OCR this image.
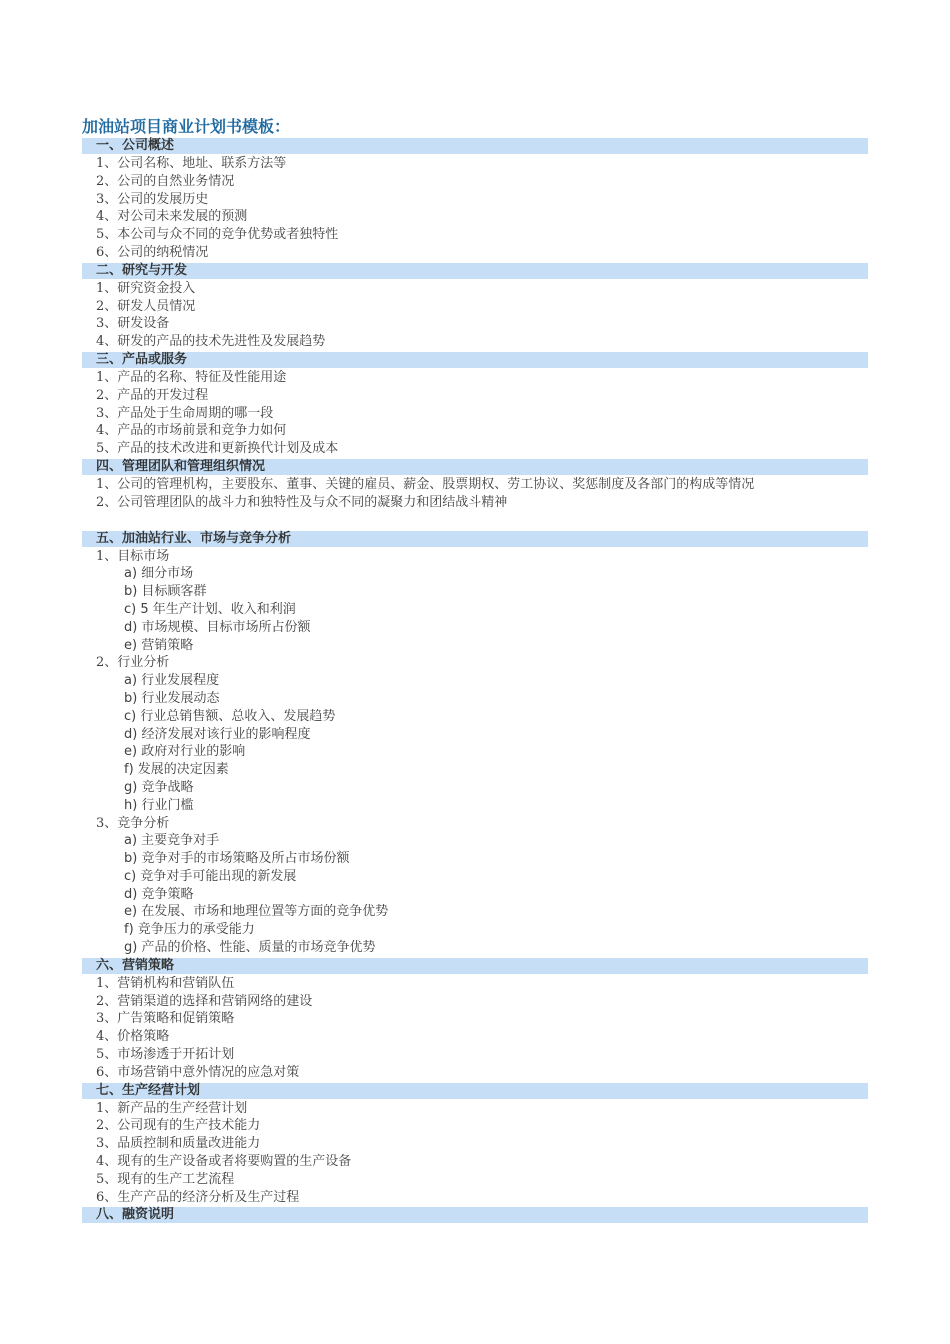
加油站项目商业计划书模板：
一、公司概述
1、公司名称、地址、联系方法等
2、公司的自然业务情况
3、公司的发展历史
4、对公司未来发展的预测
5、本公司与众不同的竞争优势或者独特性
6、公司的纳税情况
二、研究与开发
1、研究资金投入
2、研发人员情况
3、研发设备
4、研发的产品的技术先进性及发展趋势
三、产品或服务
1、产品的名称、特征及性能用途
2、产品的开发过程
3、产品处于生命周期的哪一段
4、产品的市场前景和竞争力如何
5、产品的技术改进和更新换代计划及成本
四、管理团队和管理组织情况
1、公司的管理机构，主要股东、董事、关键的雇员、薪金、股票期权、劳工协议、奖惩制度及各部门的构成等情况
2、公司管理团队的战斗力和独特性及与众不同的凝聚力和团结战斗精神
五、加油站行业、市场与竞争分析
1、目标市场
a) 细分市场
b) 目标顾客群
c) 5 年生产计划、收入和利润
d) 市场规模、目标市场所占份额
e) 营销策略
2、行业分析
a) 行业发展程度
b) 行业发展动态
c) 行业总销售额、总收入、发展趋势
d) 经济发展对该行业的影响程度
e) 政府对行业的影响
f) 发展的决定因素
g) 竞争战略
h) 行业门槛
3、竞争分析
a) 主要竞争对手
b) 竞争对手的市场策略及所占市场份额
c) 竞争对手可能出现的新发展
d) 竞争策略
e) 在发展、市场和地理位置等方面的竞争优势
f) 竞争压力的承受能力
g) 产品的价格、性能、质量的市场竞争优势
六、营销策略
1、营销机构和营销队伍
2、营销渠道的选择和营销网络的建设
3、广告策略和促销策略
4、价格策略
5、市场渗透于开拓计划
6、市场营销中意外情况的应急对策
七、生产经营计划
1、新产品的生产经营计划
2、公司现有的生产技术能力
3、品质控制和质量改进能力
4、现有的生产设备或者将要购置的生产设备
5、现有的生产工艺流程
6、生产产品的经济分析及生产过程
八、融资说明
